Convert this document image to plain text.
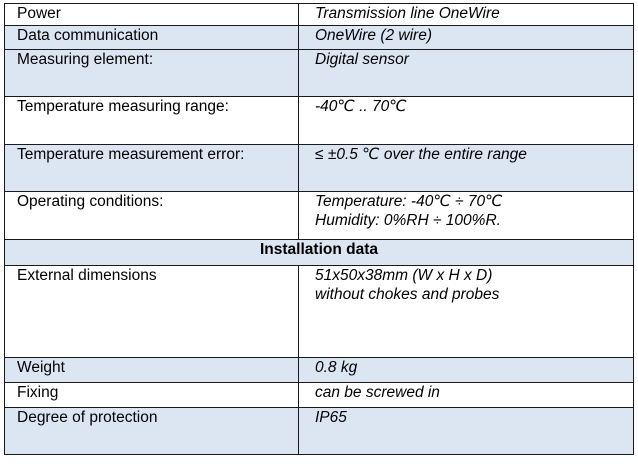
Power	Transmission line OneWire

Data communication	OneWire (2 wire)

Measuring element:	Digital sensor

Temperature measuring range:	-40℃ .. 70℃

Temperature measurement error:	≤ ±0.5 ℃ over the entire range

Operating conditions:	Temperature: -40℃ ÷ 70℃
Humidity: 0%RH ÷ 100%R.

Installation data	
External dimensions	51x50x38mm (W x H x D)
without chokes and probes

Weight	0.8 kg

Fixing	can be screwed in

Degree of protection	IP65
